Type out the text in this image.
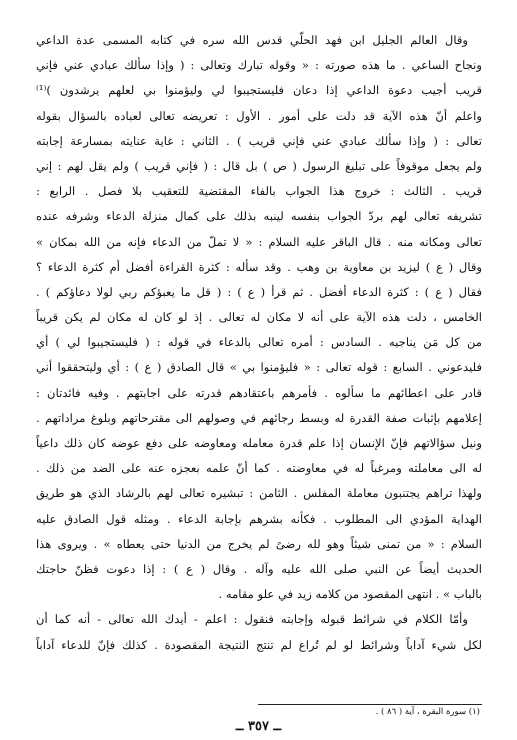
وقال العالم الجليل ابن فهد الحلّي قدس الله سره في كتابه المسمى عدة الداعي
ونجاح الساعي . ما هذه صورته : « وقوله تبارك وتعالى : ( وإذا سألك عبادي عني فإني
قريب أجيب دعوة الداعي إذا دعان فليستجيبوا لي وليؤمنوا بي لعلهم يرشدون )⁽¹⁾
واعلم أنّ هذه الآية قد دلت على أمور . الأول : تعريضه تعالى لعباده بالسؤال بقوله
تعالى : ( وإذا سألك عبادي عني فإني قريب ) . الثاني : غاية عنايته بمسارعة إجابته
ولم يجعل موقوفاً على تبليغ الرسول ( ص ) بل قال : ( فإني قريب ) ولم يقل لهم : إني
قريب . الثالث : خروج هذا الجواب بالفاء المقتضية للتعقيب بلا فصل . الرابع :
تشريفه تعالى لهم بردّ الجواب بنفسه لينبه بذلك على كمال منزلة الدعاء وشرفه عنده
تعالى ومكانه منه . قال الباقر عليه السلام : « لا تملّ من الدعاء فإنه من الله بمكان »
وقال ( ع ) ليزيد بن معاوية بن وهب . وقد سأله : كثرة القراءة أفضل أم كثرة الدعاء ؟
فقال ( ع ) : كثرة الدعاء أفضل . ثم قرأ ( ع ) : ( قل ما يعبؤكم ربي لولا دعاؤكم ) .
الخامس ، دلت هذه الآية على أنه لا مكان له تعالى . إذ لو كان له مكان لم يكن قريباً
من كل مَن يناجيه . السادس : أمره تعالى بالدعاء في قوله : ( فليستجيبوا لي ) أي
فليدعوني . السابع : قوله تعالى : « فليؤمنوا بي » قال الصادق ( ع ) : أي وليتحققوا أني
قادر على اعطائهم ما سألوه . فأمرهم باعتقادهم قدرته على اجابتهم . وفيه فائدتان :
إعلامهم بإثبات صفة القدرة له وبسط رجائهم في وصولهم الى مقترحاتهم وبلوغ مراداتهم .
ونيل سؤالاتهم فإنّ الإنسان إذا علم قدرة معامله ومعاوضه على دفع عوضه كان ذلك داعياً
له الى معاملته ومرغباً له في معاوضته . كما أنّ علمه بعجزه عنه على الضد من ذلك .
ولهذا تراهم يجتنبون معاملة المفلس . الثامن : تبشيره تعالى لهم بالرشاد الذي هو طريق
الهداية المؤدي الى المطلوب . فكأنه بشرهم بإجابة الدعاء . ومثله قول الصادق عليه
السلام : « من تمنى شيئاً وهو لله رضىً لم يخرج من الدنيا حتى يعطاه » . ويروى هذا
الحديث أيضاً عن النبي صلى الله عليه وآله . وقال ( ع ) : إذا دعوت فظنّ حاجتك
بالباب » . انتهى المقصود من كلامه زيد في علو مقامه .
وأمّا الكلام في شرائط قبوله وإجابته فنقول : اعلم - أيدك الله تعالى - أنه كما أن
لكل شيء آداباً وشرائط لو لم تُراع لم تنتج النتيجة المقصودة . كذلك فإنّ للدعاء آداباً
(١) سورة البقرة ، آية ( ٨٦ ) .
ــ ٣٥٧ ــ
